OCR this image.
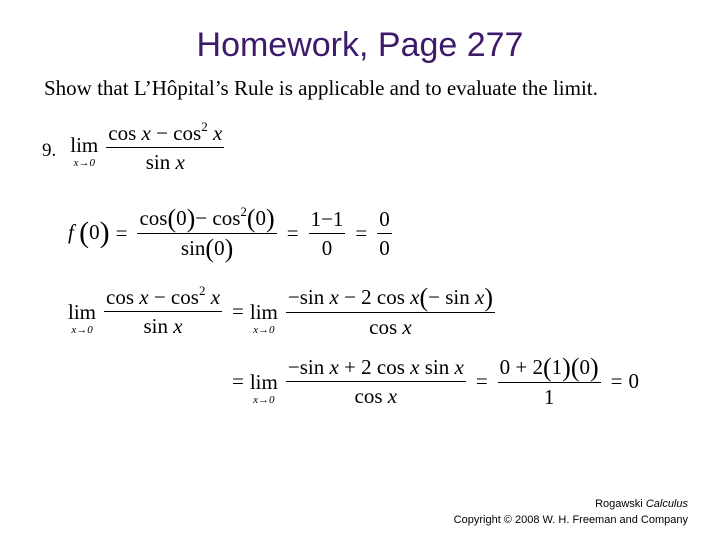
Homework, Page 277
Show that L’Hôpital’s Rule is applicable and to evaluate the limit.
9. lim
$x\to 0 \frac{\cos x - \cos^2 x}{\text{sin x}}$
f $(0) = \frac{\cos(0)- \cos^2(0)}{\sin(0)} = \frac{1-1}{0} = \frac{0}{0}$
lim
$x\to 0 \frac{\cos x - \cos^2 x}{\text{sin x}} = \lim$
$x\to 0 \frac{\text{−sin x − 2 cos x(− sin x)}}{\text{cos x}}$
= lim
$x\to 0 \frac{\text{−sin x + 2 cos x sin x}}{\text{cos x}} = \frac{0 + 2(1)(0)}{1} = 0$
Rogawski Calculus
Copyright © 2008 W. H. Freeman and Company
